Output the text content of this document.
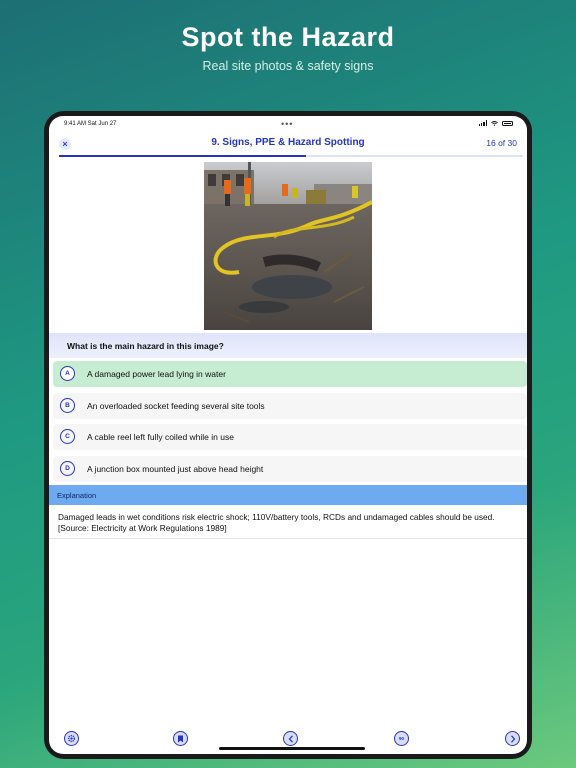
Spot the Hazard
Real site photos & safety signs
9:41 AM Sat Jun 27	•••
×	9. Signs, PPE & Hazard Spotting	16 of 30
What is the main hazard in this image?
A	A damaged power lead lying in water
B	An overloaded socket feeding several site tools
C	A cable reel left fully coiled while in use
D	A junction box mounted just above head height
Explanation
Damaged leads in wet conditions risk electric shock; 110V/battery tools, RCDs and undamaged cables should be used. [Source: Electricity at Work Regulations 1989]
90
